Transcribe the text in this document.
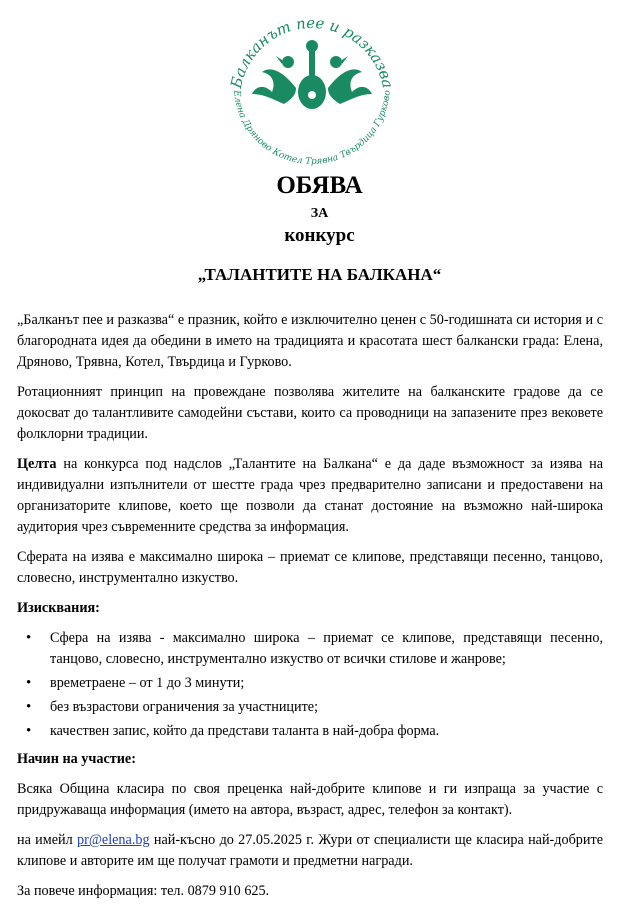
Балканът пее и разказва
Елена Дряново Котел Трявна Твърдица Гурково
ОБЯВА
ЗА
конкурс
„ТАЛАНТИТЕ НА БАЛКАНА“

„Балканът пее и разказва“ е празник, който е изключително ценен с 50-годишната си история и с благородната идея да обедини в името на традицията и красотата шест балкански града: Елена, Дряново, Трявна, Котел, Твърдица и Гурково.

Ротационният принцип на провеждане позволява жителите на балканските градове да се докосват до талантливите самодейни състави, които са проводници на запазените през вековете фолклорни традиции.

Целта на конкурса под надслов „Талантите на Балкана“ е да даде възможност за изява на индивидуални изпълнители от шестте града чрез предварително записани и предоставени на организаторите клипове, което ще позволи да станат достояние на възможно най-широка аудитория чрез съвременните средства за информация.

Сферата на изява е максимално широка – приемат се клипове, представящи песенно, танцово, словесно, инструментално изкуство.

Изисквания:
• Сфера на изява - максимално широка – приемат се клипове, представящи песенно, танцово, словесно, инструментално изкуство от всички стилове и жанрове;
• времетраене – от 1 до 3 минути;
• без възрастови ограничения за участниците;
• качествен запис, който да представи таланта в най-добра форма.
Начин на участие:

Всяка Община класира по своя преценка най-добрите клипове и ги изпраща за участие с придружаваща информация (името на автора, възраст, адрес, телефон за контакт).

на имейл pr@elena.bg най-късно до 27.05.2025 г. Жури от специалисти ще класира най-добрите клипове и авторите им ще получат грамоти и предметни награди.

За повече информация: тел. 0879 910 625.
